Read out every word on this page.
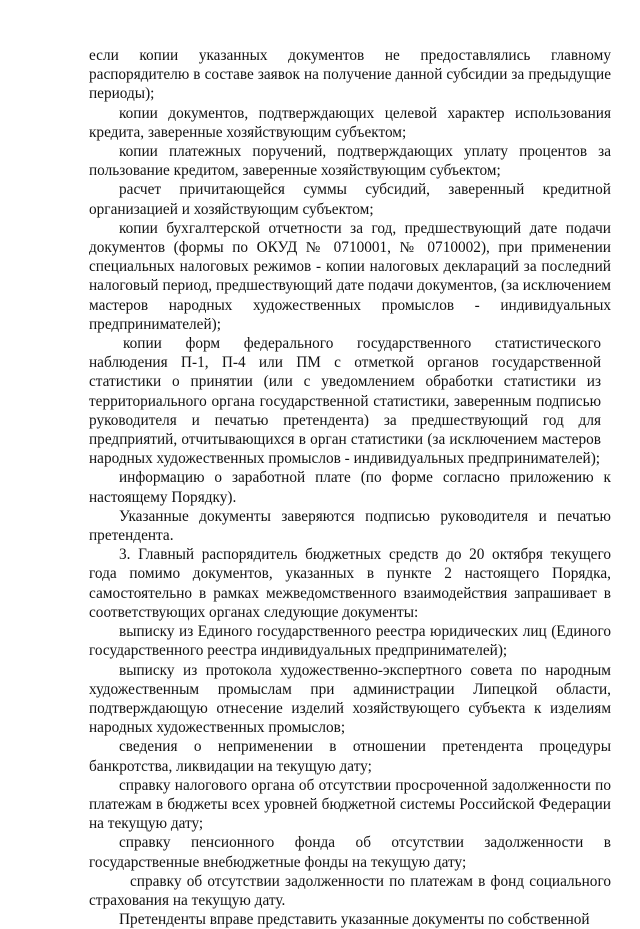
если копии указанных документов не предоставлялись главному распорядителю в составе заявок на получение данной субсидии за предыдущие периоды);

копии документов, подтверждающих целевой характер использования кредита, заверенные хозяйствующим субъектом;

копии платежных поручений, подтверждающих уплату процентов за пользование кредитом, заверенные хозяйствующим субъектом;

расчет причитающейся суммы субсидий, заверенный кредитной организацией и хозяйствующим субъектом;

копии бухгалтерской отчетности за год, предшествующий дате подачи документов (формы по ОКУД № 0710001, № 0710002), при применении специальных налоговых режимов - копии налоговых деклараций за последний налоговый период, предшествующий дате подачи документов, (за исключением мастеров народных художественных промыслов - индивидуальных предпринимателей);

копии форм федерального государственного статистического наблюдения П-1, П-4 или ПМ с отметкой органов государственной статистики о принятии (или с уведомлением обработки статистики из территориального органа государственной статистики, заверенным подписью руководителя и печатью претендента) за предшествующий год для предприятий, отчитывающихся в орган статистики (за исключением мастеров народных художественных промыслов - индивидуальных предпринимателей);

информацию о заработной плате (по форме согласно приложению к настоящему Порядку).

Указанные документы заверяются подписью руководителя и печатью претендента.

3. Главный распорядитель бюджетных средств до 20 октября текущего года помимо документов, указанных в пункте 2 настоящего Порядка, самостоятельно в рамках межведомственного взаимодействия запрашивает в соответствующих органах следующие документы:

выписку из Единого государственного реестра юридических лиц (Единого государственного реестра индивидуальных предпринимателей);

выписку из протокола художественно-экспертного совета по народным художественным промыслам при администрации Липецкой области, подтверждающую отнесение изделий хозяйствующего субъекта к изделиям народных художественных промыслов;

сведения о неприменении в отношении претендента процедуры банкротства, ликвидации на текущую дату;

справку налогового органа об отсутствии просроченной задолженности по платежам в бюджеты всех уровней бюджетной системы Российской Федерации на текущую дату;

справку пенсионного фонда об отсутствии задолженности в государственные внебюджетные фонды на текущую дату;

справку об отсутствии задолженности по платежам в фонд социального страхования на текущую дату.

Претенденты вправе представить указанные документы по собственной
